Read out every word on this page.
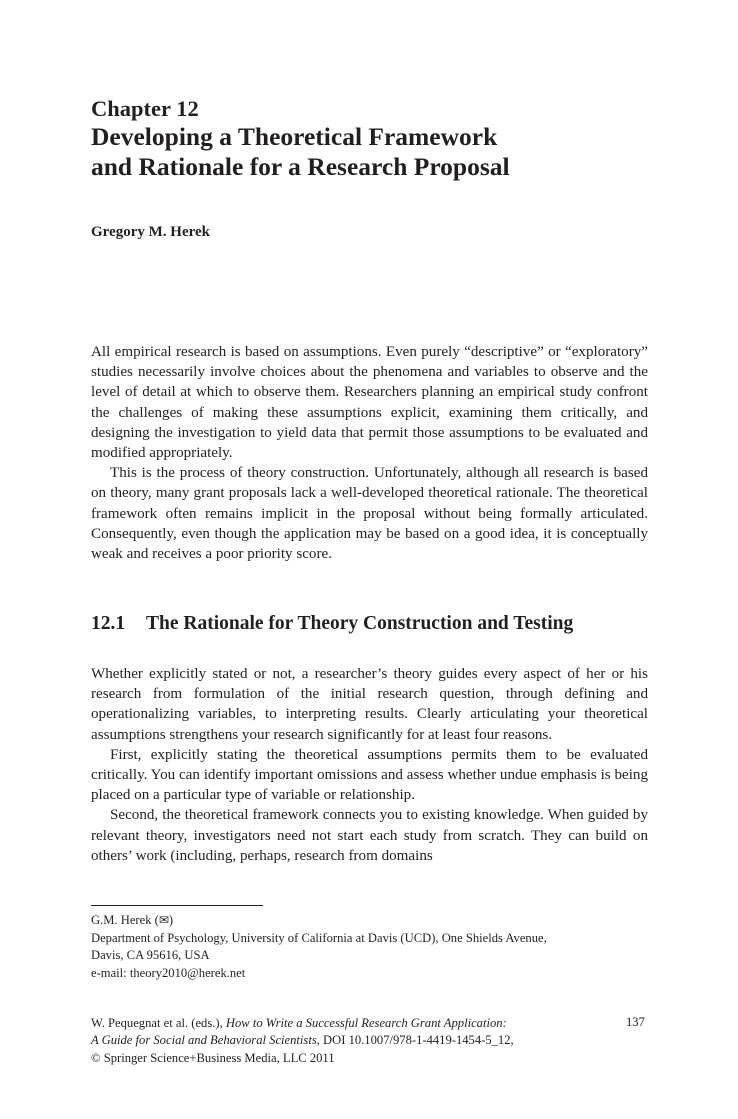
Chapter 12
Developing a Theoretical Framework
and Rationale for a Research Proposal
Gregory M. Herek

All empirical research is based on assumptions. Even purely “descriptive” or “exploratory” studies necessarily involve choices about the phenomena and variables to observe and the level of detail at which to observe them. Researchers planning an empirical study confront the challenges of making these assumptions explicit, examining them critically, and designing the investigation to yield data that permit those assumptions to be evaluated and modified appropriately.

This is the process of theory construction. Unfortunately, although all research is based on theory, many grant proposals lack a well-developed theoretical rationale. The theoretical framework often remains implicit in the proposal without being formally articulated. Consequently, even though the application may be based on a good idea, it is conceptually weak and receives a poor priority score.

12.1 The Rationale for Theory Construction and Testing

Whether explicitly stated or not, a researcher’s theory guides every aspect of her or his research from formulation of the initial research question, through defining and operationalizing variables, to interpreting results. Clearly articulating your theoretical assumptions strengthens your research significantly for at least four reasons.

First, explicitly stating the theoretical assumptions permits them to be evaluated critically. You can identify important omissions and assess whether undue emphasis is being placed on a particular type of variable or relationship.

Second, the theoretical framework connects you to existing knowledge. When guided by relevant theory, investigators need not start each study from scratch. They can build on others’ work (including, perhaps, research from domains

G.M. Herek (✉)
Department of Psychology, University of California at Davis (UCD), One Shields Avenue,
Davis, CA 95616, USA
e-mail: theory2010@herek.net
W. Pequegnat et al. (eds.), How to Write a Successful Research Grant Application:
A Guide for Social and Behavioral Scientists, DOI 10.1007/978-1-4419-1454-5_12,
© Springer Science+Business Media, LLC 2011
137
